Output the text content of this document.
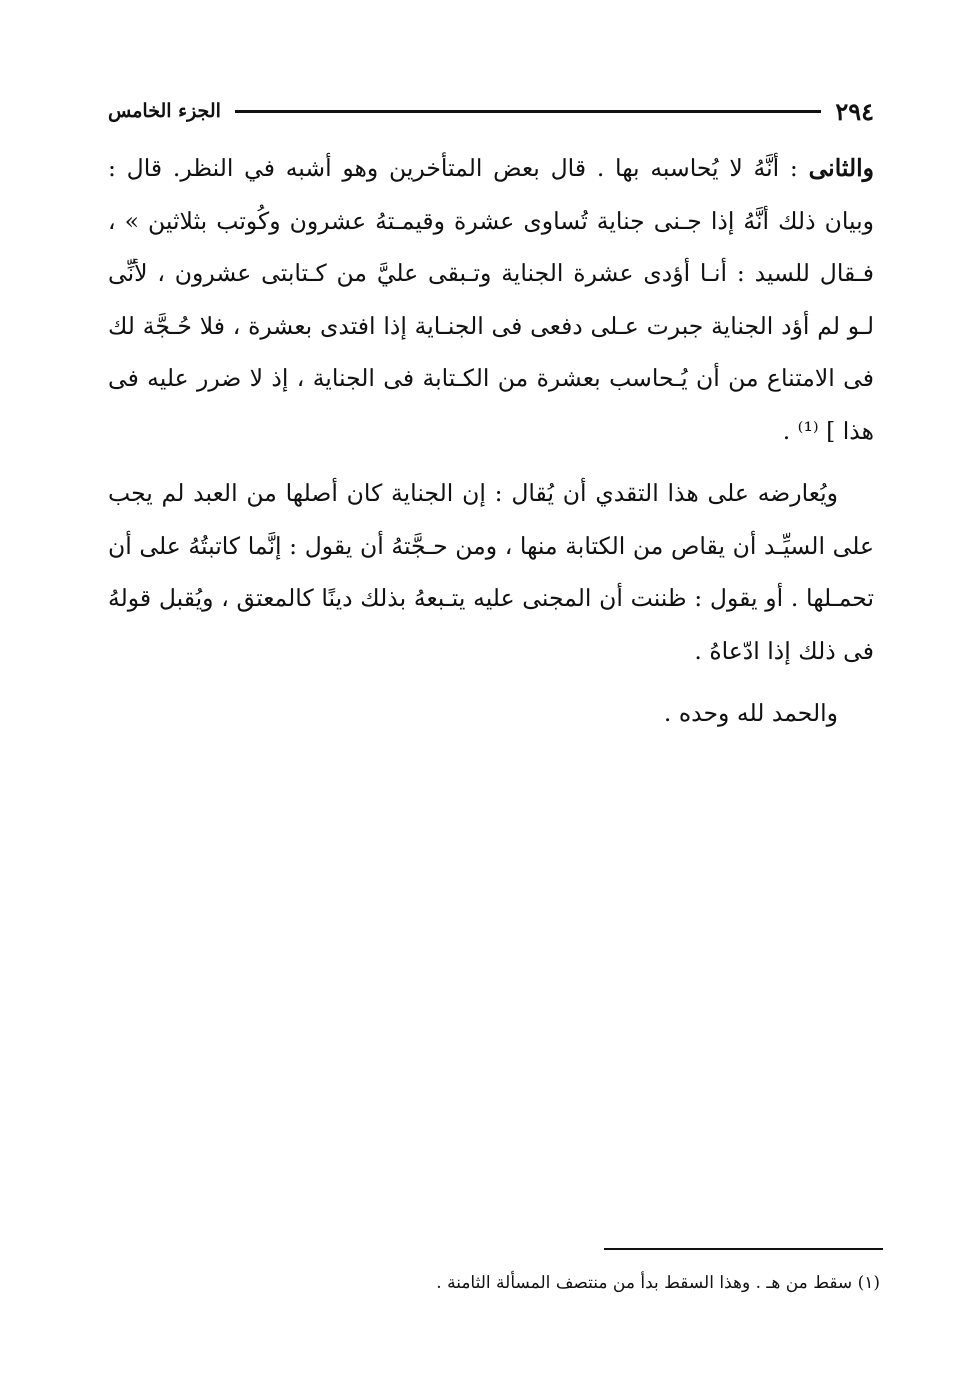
٢٩٤
الجزء الخامس

والثانى : أنَّهُ لا يُحاسبه بها . قال بعض المتأخرين وهو أشبه في النظر. قال : وبيان ذلك أنَّهُ إذا جـنى جناية تُساوى عشرة وقيمـتهُ عشرون وكُوتب بثلاثين » ، فـقال للسيد : أنـا أؤدى عشرة الجناية وتـبقى عليَّ من كـتابتى عشرون ، لأنِّى لـو لم أؤد الجناية جبرت عـلى دفعى فى الجنـاية إذا افتدى بعشرة ، فلا حُـجَّة لك فى الامتناع من أن يُـحاسب بعشرة من الكـتابة فى الجناية ، إذ لا ضرر عليه فى هذا ] ⁽¹⁾ .

ويُعارضه على هذا التقدي أن يُقال : إن الجناية كان أصلها من العبد لم يجب على السيِّـد أن يقاص من الكتابة منها ، ومن حـجَّتهُ أن يقول : إنَّما كاتبتُهُ على أن تحمـلها . أو يقول : ظننت أن المجنى عليه يتـبعهُ بذلك دينًا كالمعتق ، ويُقبل قولهُ فى ذلك إذا ادّعاهُ .

والحمد لله وحده .

(١) سقط من هـ . وهذا السقط بدأ من منتصف المسألة الثامنة .
